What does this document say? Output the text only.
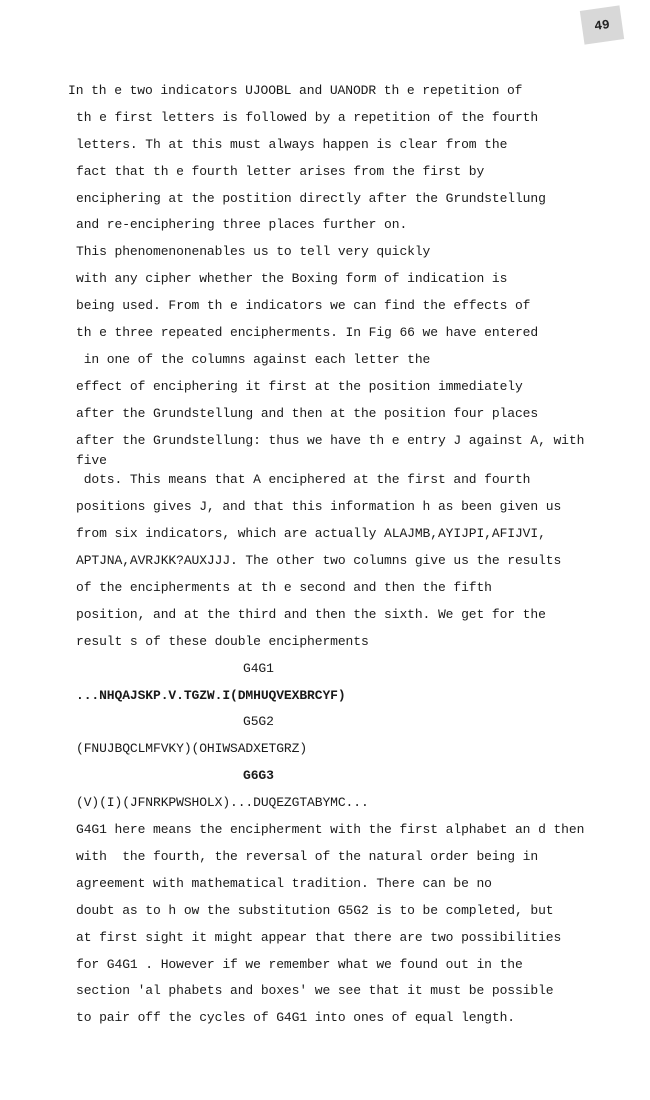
49
In th e two indicators UJOOBL and UANODR th e repetition of
th e first letters is followed by a repetition of the fourth
letters. Th at this must always happen is clear from the
fact that th e fourth letter arises from the first by
enciphering at the postition directly after the Grundstellung
and re-enciphering three places further on.
This phenomenonenables us to tell very quickly
with any cipher whether the Boxing form of indication is
being used. From th e indicators we can find the effects of
th e three repeated encipherments. In Fig 66 we have entered
in one of the columns against each letter the
effect of enciphering it first at the position immediately
after the Grundstellung and then at the position four places
after the Grundstellung: thus we have th e entry J against A, with
five
dots. This means that A enciphered at the first and fourth
positions gives J, and that this information h as been given us
from six indicators, which are actually ALAJMB,AYIJPI,AFIJVI,
APTJNA,AVRJKK?AUXJJJ. The other two columns give us the results
of the encipherments at th e second and then the fifth
position, and at the third and then the sixth. We get for the
result s of these double encipherments
G4G1
...NHQAJSKP.V.TGZW.I(DMHUQVEXBRCYF)
G5G2
(FNUJBQCLMFVKY)(OHIWSADXETGRZ)
G6G3
(V)(I)(JFNRKPWSHOLX)...DUQEZGTABYMC...
G4G1 here means the encipherment with the first alphabet an d then
with  the fourth, the reversal of the natural order being in
agreement with mathematical tradition. There can be no
doubt as to h ow the substitution G5G2 is to be completed, but
at first sight it might appear that there are two possibilities
for G4G1 . However if we remember what we found out in the
section 'al phabets and boxes' we see that it must be possible
to pair off the cycles of G4G1 into ones of equal length.
